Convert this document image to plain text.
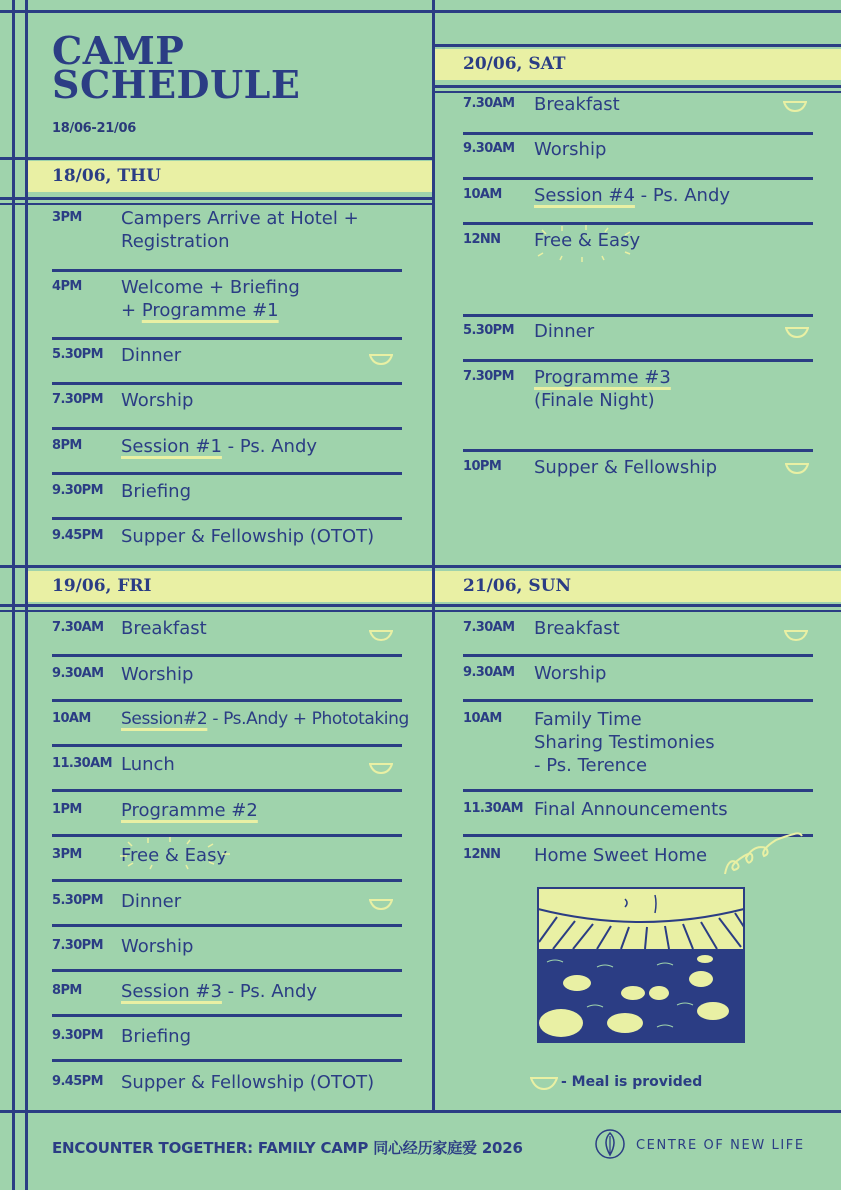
CAMP
SCHEDULE
18/06-21/06
18/06, THU
20/06, SAT
19/06, FRI	21/06, SUN
3PM Campers Arrive at Hotel +
Registration
4PM Welcome + Briefing
+ Programme #1
5.30PM Dinner
7.30PM Worship
8PM Session #1 - Ps. Andy
9.30PM Briefing
9.45PM Supper & Fellowship (OTOT)
7.30AM Breakfast
9.30AM Worship
10AM Session#2 - Ps.Andy + Phototaking
11.30AM Lunch
1PM Programme #2
3PM Free & Easy
5.30PM Dinner
7.30PM Worship
8PM Session #3 - Ps. Andy
9.30PM Briefing
9.45PM Supper & Fellowship (OTOT)
7.30AM Breakfast
9.30AM Worship
10AM Session #4 - Ps. Andy
12NN Free & Easy
5.30PM Dinner
7.30PM Programme #3
(Finale Night)
10PM Supper & Fellowship
7.30AM Breakfast
9.30AM Worship
10AM Family Time
Sharing Testimonies
- Ps. Terence
11.30AM Final Announcements
12NN Home Sweet Home
- Meal is provided
ENCOUNTER TOGETHER: FAMILY CAMP 同心经历家庭爱 2026	CENTRE OF NEW LIFE
